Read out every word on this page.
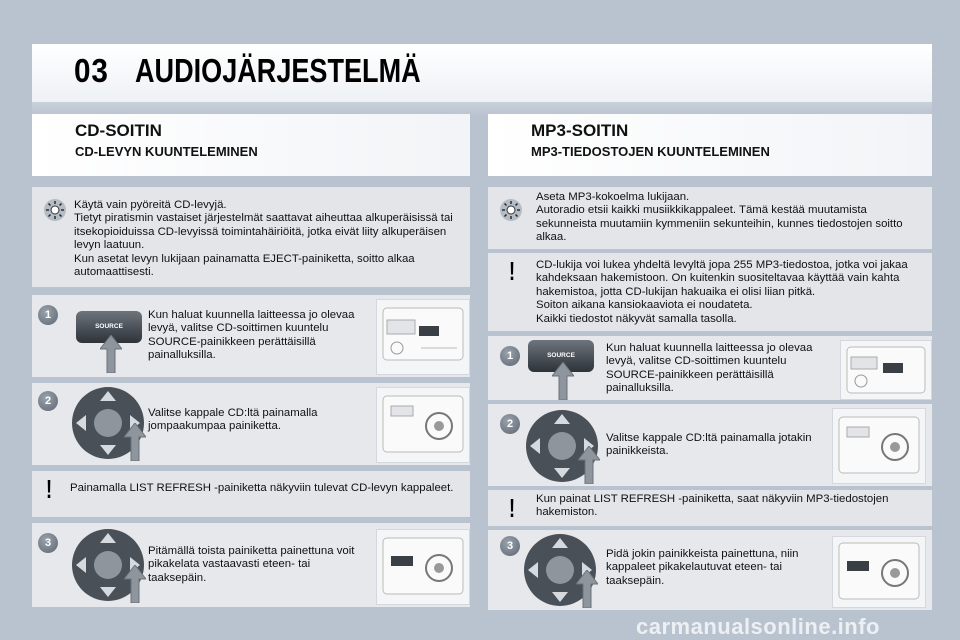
03 AUDIOJÄRJESTELMÄ
CD-SOITIN
CD-LEVYN KUUNTELEMINEN
Käytä vain pyöreitä CD-levyjä.
Tietyt piratismin vastaiset järjestelmät saattavat aiheuttaa alkuperäisissä tai itsekopioiduissa CD-levyissä toimintahäiriöitä, jotka eivät liity alkuperäisen levyn laatuun.
Kun asetat levyn lukijaan painamatta EJECT-painiketta, soitto alkaa automaattisesti.
1
SOURCE
Kun haluat kuunnella laitteessa jo olevaa levyä, valitse CD-soittimen kuuntelu SOURCE-painikkeen perättäisillä painalluksilla.
2
Valitse kappale CD:ltä painamalla jompaakumpaa painiketta.
!	Painamalla LIST REFRESH -painiketta näkyviin tulevat CD-levyn kappaleet.
3
Pitämällä toista painiketta painettuna voit pikakelata vastaavasti eteen- tai taaksepäin.
MP3-SOITIN
MP3-TIEDOSTOJEN KUUNTELEMINEN
Aseta MP3-kokoelma lukijaan.
Autoradio etsii kaikki musiikkikappaleet. Tämä kestää muutamista sekunneista muutamiin kymmeniin sekunteihin, kunnes tiedostojen soitto alkaa.
!	CD-lukija voi lukea yhdeltä levyltä jopa 255 MP3-tiedostoa, jotka voi jakaa kahdeksaan hakemistoon. On kuitenkin suositeltavaa käyttää vain kahta hakemistoa, jotta CD-lukijan hakuaika ei olisi liian pitkä.
Soiton aikana kansiokaaviota ei noudateta.
Kaikki tiedostot näkyvät samalla tasolla.
1	SOURCE
Kun haluat kuunnella laitteessa jo olevaa levyä, valitse CD-soittimen kuuntelu SOURCE-painikkeen perättäisillä painalluksilla.
2
Valitse kappale CD:ltä painamalla jotakin painikkeista.
!	Kun painat LIST REFRESH -painiketta, saat näkyviin MP3-tiedostojen hakemiston.
3
Pidä jokin painikkeista painettuna, niin kappaleet pikakelautuvat eteen- tai taaksepäin.
carmanualsonline.info
